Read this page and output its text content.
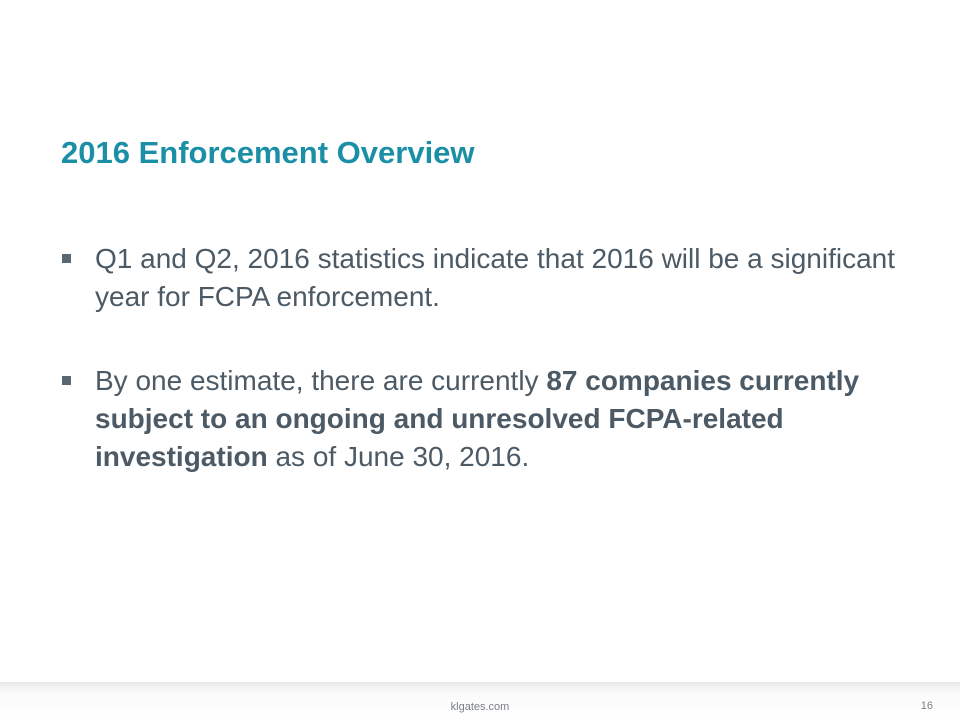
2016 Enforcement Overview
Q1 and Q2, 2016 statistics indicate that 2016 will be a significant year for FCPA enforcement.
By one estimate, there are currently 87 companies currently subject to an ongoing and unresolved FCPA-related investigation as of June 30, 2016.
klgates.com	16
